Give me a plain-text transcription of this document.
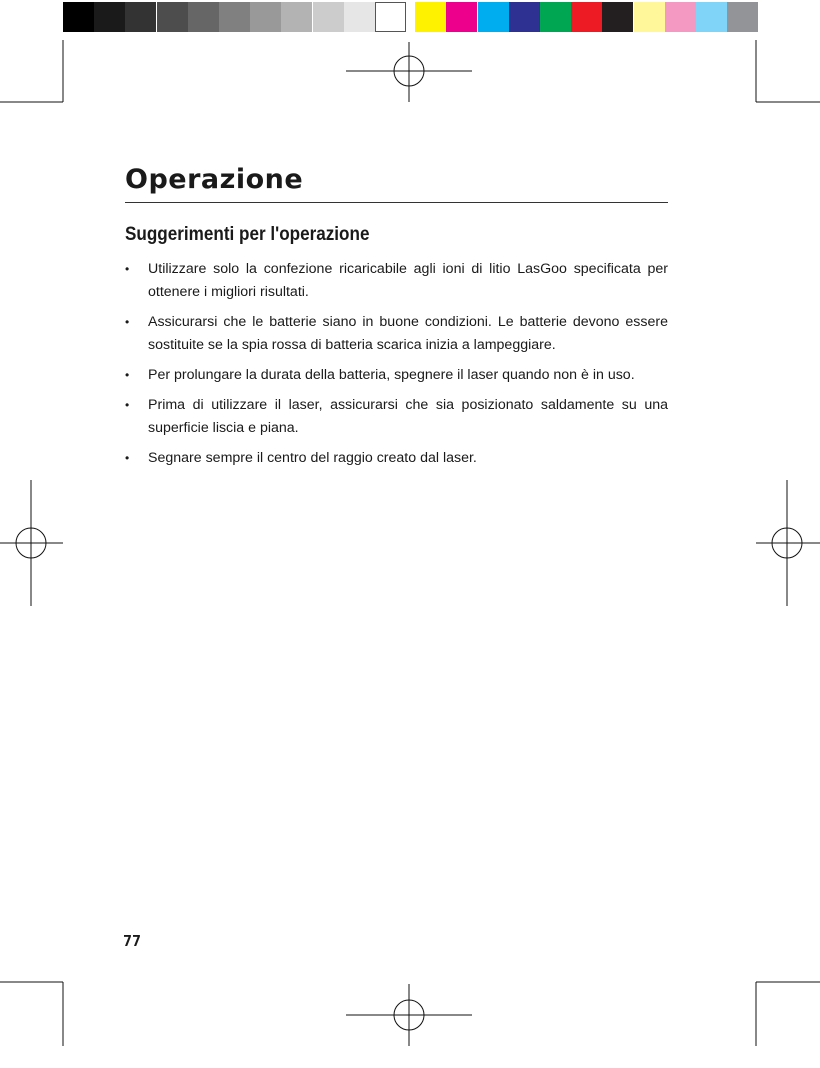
Operazione
Suggerimenti per l'operazione
• Utilizzare solo la confezione ricaricabile agli ioni di litio LasGoo specificata per ottenere i migliori risultati.
• Assicurarsi che le batterie siano in buone condizioni. Le batterie devono essere sostituite se la spia rossa di batteria scarica inizia a lampeggiare.
• Per prolungare la durata della batteria, spegnere il laser quando non è in uso.
• Prima di utilizzare il laser, assicurarsi che sia posizionato saldamente su una superficie liscia e piana.
• Segnare sempre il centro del raggio creato dal laser.
77
